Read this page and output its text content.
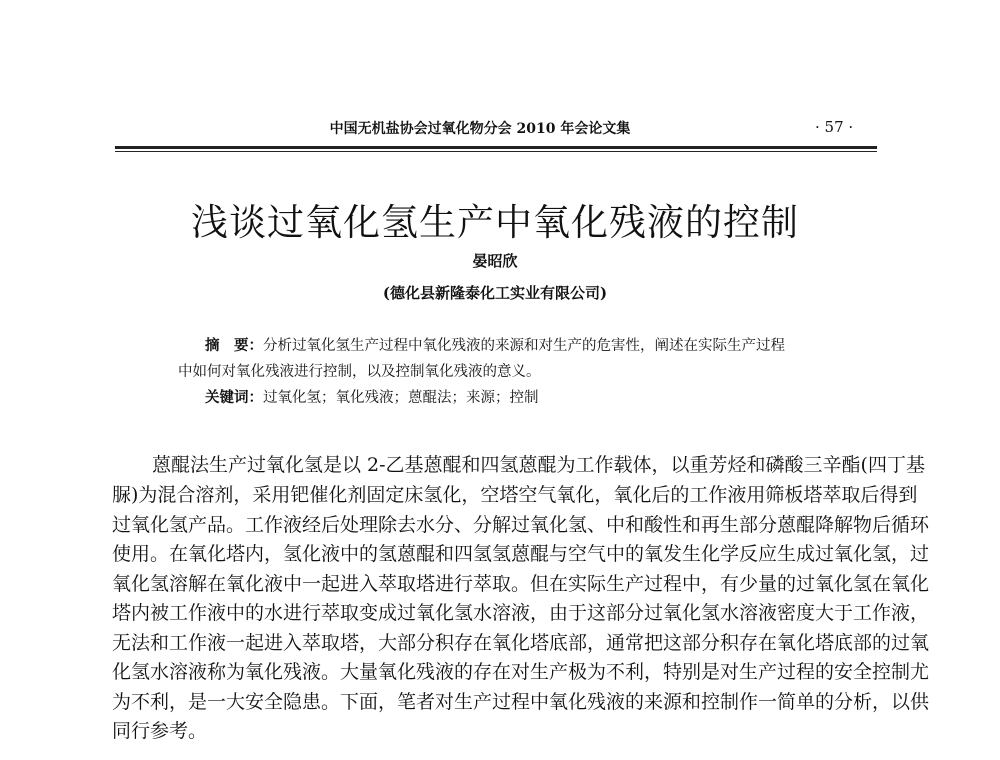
中国无机盐协会过氧化物分会 2010 年会论文集	· 57 ·
浅谈过氧化氢生产中氧化残液的控制
晏昭欣
(德化县新隆泰化工实业有限公司)
摘　要：分析过氧化氢生产过程中氧化残液的来源和对生产的危害性，阐述在实际生产过程
中如何对氧化残液进行控制，以及控制氧化残液的意义。
关键词：过氧化氢；氧化残液；蒽醌法；来源；控制
蒽醌法生产过氧化氢是以 2-乙基蒽醌和四氢蒽醌为工作载体，以重芳烃和磷酸三辛酯(四丁基
脲)为混合溶剂，采用钯催化剂固定床氢化，空塔空气氧化，氧化后的工作液用筛板塔萃取后得到
过氧化氢产品。工作液经后处理除去水分、分解过氧化氢、中和酸性和再生部分蒽醌降解物后循环
使用。在氧化塔内，氢化液中的氢蒽醌和四氢氢蒽醌与空气中的氧发生化学反应生成过氧化氢，过
氧化氢溶解在氧化液中一起进入萃取塔进行萃取。但在实际生产过程中，有少量的过氧化氢在氧化
塔内被工作液中的水进行萃取变成过氧化氢水溶液，由于这部分过氧化氢水溶液密度大于工作液，
无法和工作液一起进入萃取塔，大部分积存在氧化塔底部，通常把这部分积存在氧化塔底部的过氧
化氢水溶液称为氧化残液。大量氧化残液的存在对生产极为不利，特别是对生产过程的安全控制尤
为不利，是一大安全隐患。下面，笔者对生产过程中氧化残液的来源和控制作一简单的分析，以供
同行参考。
